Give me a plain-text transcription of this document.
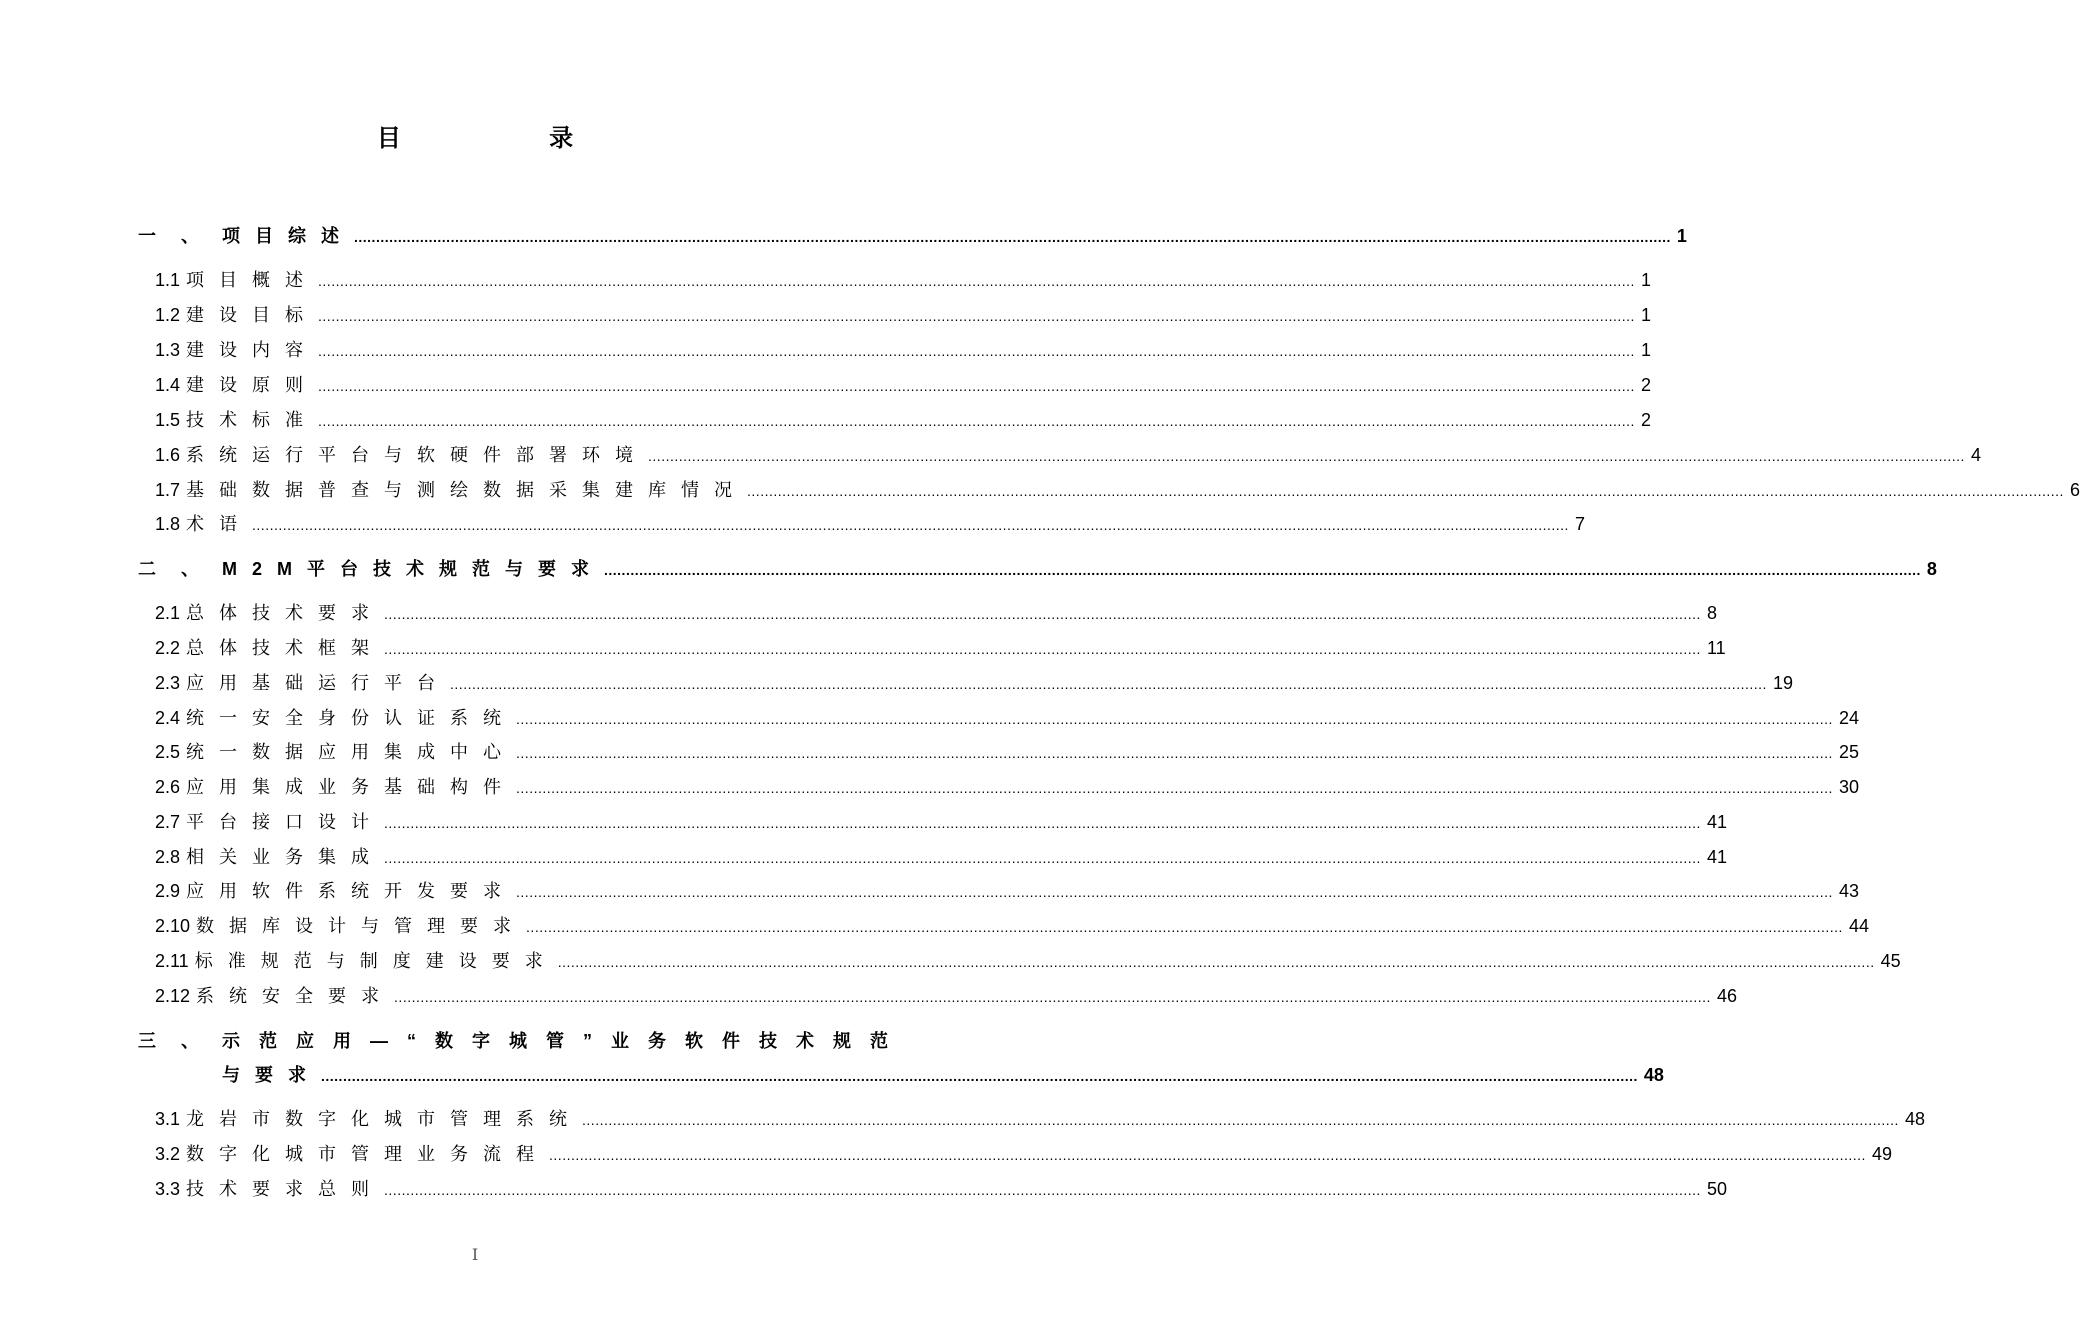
目 录
一 、 项目综述 ............................................................................................................................................................................................................................................................................................................ 1
1.1 项目概述 ............................................................................................................................................................................................................................................................................................................ 1
1.2 建设目标 ............................................................................................................................................................................................................................................................................................................ 1
1.3 建设内容 ............................................................................................................................................................................................................................................................................................................ 1
1.4 建设原则 ............................................................................................................................................................................................................................................................................................................ 2
1.5 技术标准 ............................................................................................................................................................................................................................................................................................................ 2
1.6 系统运行平台与软硬件部署环境 ............................................................................................................................................................................................................................................................................................................ 4
1.7 基础数据普查与测绘数据采集建库情况 ............................................................................................................................................................................................................................................................................................................ 6
1.8 术语 ............................................................................................................................................................................................................................................................................................................ 7
二 、 M2M平台技术规范与要求 ............................................................................................................................................................................................................................................................................................................ 8
2.1 总体技术要求 ............................................................................................................................................................................................................................................................................................................ 8
2.2 总体技术框架 ............................................................................................................................................................................................................................................................................................................ 11
2.3 应用基础运行平台 ............................................................................................................................................................................................................................................................................................................ 19
2.4 统一安全身份认证系统 ............................................................................................................................................................................................................................................................................................................ 24
2.5 统一数据应用集成中心 ............................................................................................................................................................................................................................................................................................................ 25
2.6 应用集成业务基础构件 ............................................................................................................................................................................................................................................................................................................ 30
2.7 平台接口设计 ............................................................................................................................................................................................................................................................................................................ 41
2.8 相关业务集成 ............................................................................................................................................................................................................................................................................................................ 41
2.9 应用软件系统开发要求 ............................................................................................................................................................................................................................................................................................................ 43
2.10 数据库设计与管理要求 ............................................................................................................................................................................................................................................................................................................ 44
2.11 标准规范与制度建设要求 ............................................................................................................................................................................................................................................................................................................ 45
2.12 系统安全要求 ............................................................................................................................................................................................................................................................................................................ 46
三 、 示范应用—“数字城管”业务软件技术规范
与要求 ............................................................................................................................................................................................................................................................................................................ 48
3.1 龙岩市数字化城市管理系统 ............................................................................................................................................................................................................................................................................................................ 48
3.2 数字化城市管理业务流程 ............................................................................................................................................................................................................................................................................................................ 49
3.3 技术要求总则 ............................................................................................................................................................................................................................................................................................................ 50
I
